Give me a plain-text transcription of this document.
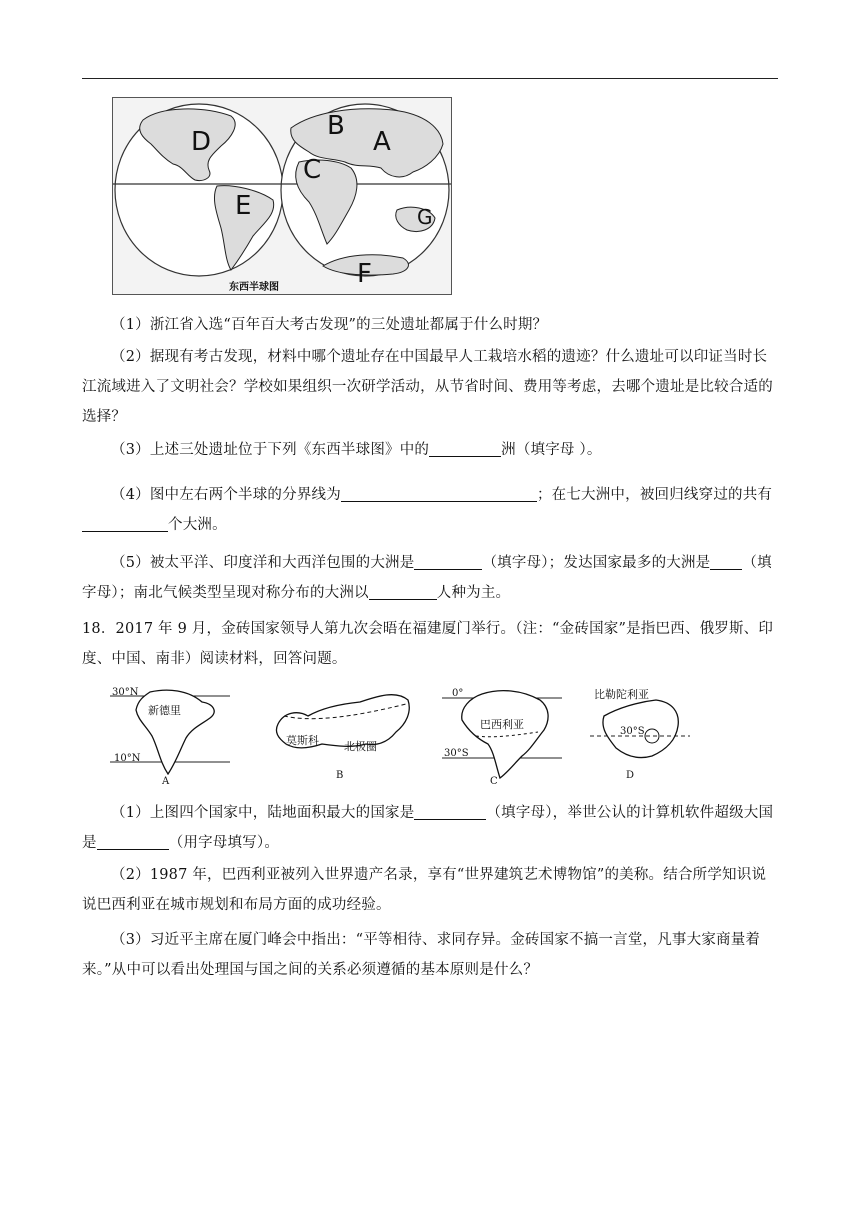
D
E
B
A
C
F
G
东西半球图
（1）浙江省入选“百年百大考古发现”的三处遗址都属于什么时期？
（2）据现有考古发现，材料中哪个遗址存在中国最早人工栽培水稻的遗迹？什么遗址可以印证当时长江流域进入了文明社会？学校如果组织一次研学活动，从节省时间、费用等考虑，去哪个遗址是比较合适的选择？
（3）上述三处遗址位于下列《东西半球图》中的	洲（填字母 ）。
（4）图中左右两个半球的分界线为	；在七大洲中，被回归线穿过的共有个大洲。
（5）被太平洋、印度洋和大西洋包围的大洲是	（填字母）；发达国家最多的大洲是 （填字母）；南北气候类型呈现对称分布的大洲以	人种为主。
18．2017 年 9 月，金砖国家领导人第九次会晤在福建厦门举行。（注：“金砖国家”是指巴西、俄罗斯、印度、中国、南非）阅读材料，回答问题。
30°N
10°N
新德里
A
莫斯科 北极圈
B
0°
30°S
巴西利亚
C
比勒陀利亚
30°S
D
（1）上图四个国家中，陆地面积最大的国家是	（填字母），举世公认的计算机软件超级大国是	（用字母填写）。
（2）1987 年，巴西利亚被列入世界遗产名录，享有“世界建筑艺术博物馆”的美称。结合所学知识说说巴西利亚在城市规划和布局方面的成功经验。
（3）习近平主席在厦门峰会中指出：“平等相待、求同存异。金砖国家不搞一言堂，凡事大家商量着来。”从中可以看出处理国与国之间的关系必须遵循的基本原则是什么？
